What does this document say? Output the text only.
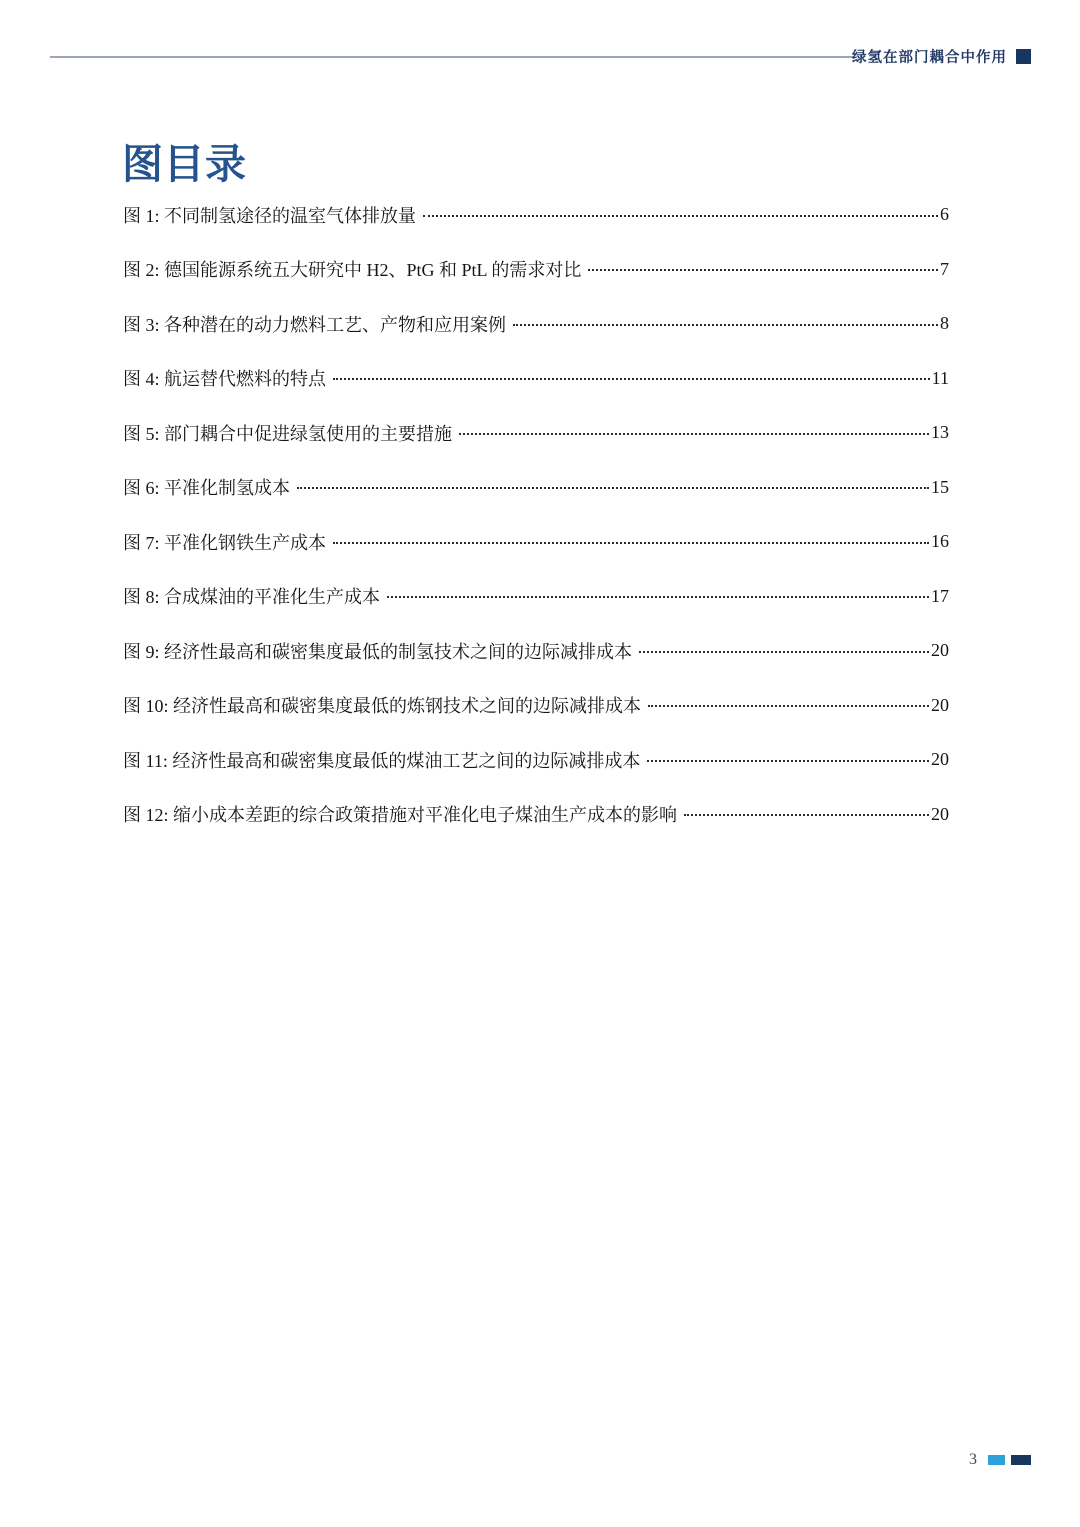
绿氢在部门耦合中作用
图目录
图 1: 不同制氢途径的温室气体排放量	6
图 2: 德国能源系统五大研究中 H2、PtG 和 PtL 的需求对比	7
图 3: 各种潜在的动力燃料工艺、产物和应用案例	8
图 4: 航运替代燃料的特点	11
图 5: 部门耦合中促进绿氢使用的主要措施	13
图 6: 平准化制氢成本	15
图 7: 平准化钢铁生产成本	16
图 8: 合成煤油的平准化生产成本	17
图 9: 经济性最高和碳密集度最低的制氢技术之间的边际减排成本	20
图 10: 经济性最高和碳密集度最低的炼钢技术之间的边际减排成本	20
图 11: 经济性最高和碳密集度最低的煤油工艺之间的边际减排成本	20
图 12: 缩小成本差距的综合政策措施对平准化电子煤油生产成本的影响	20
3
